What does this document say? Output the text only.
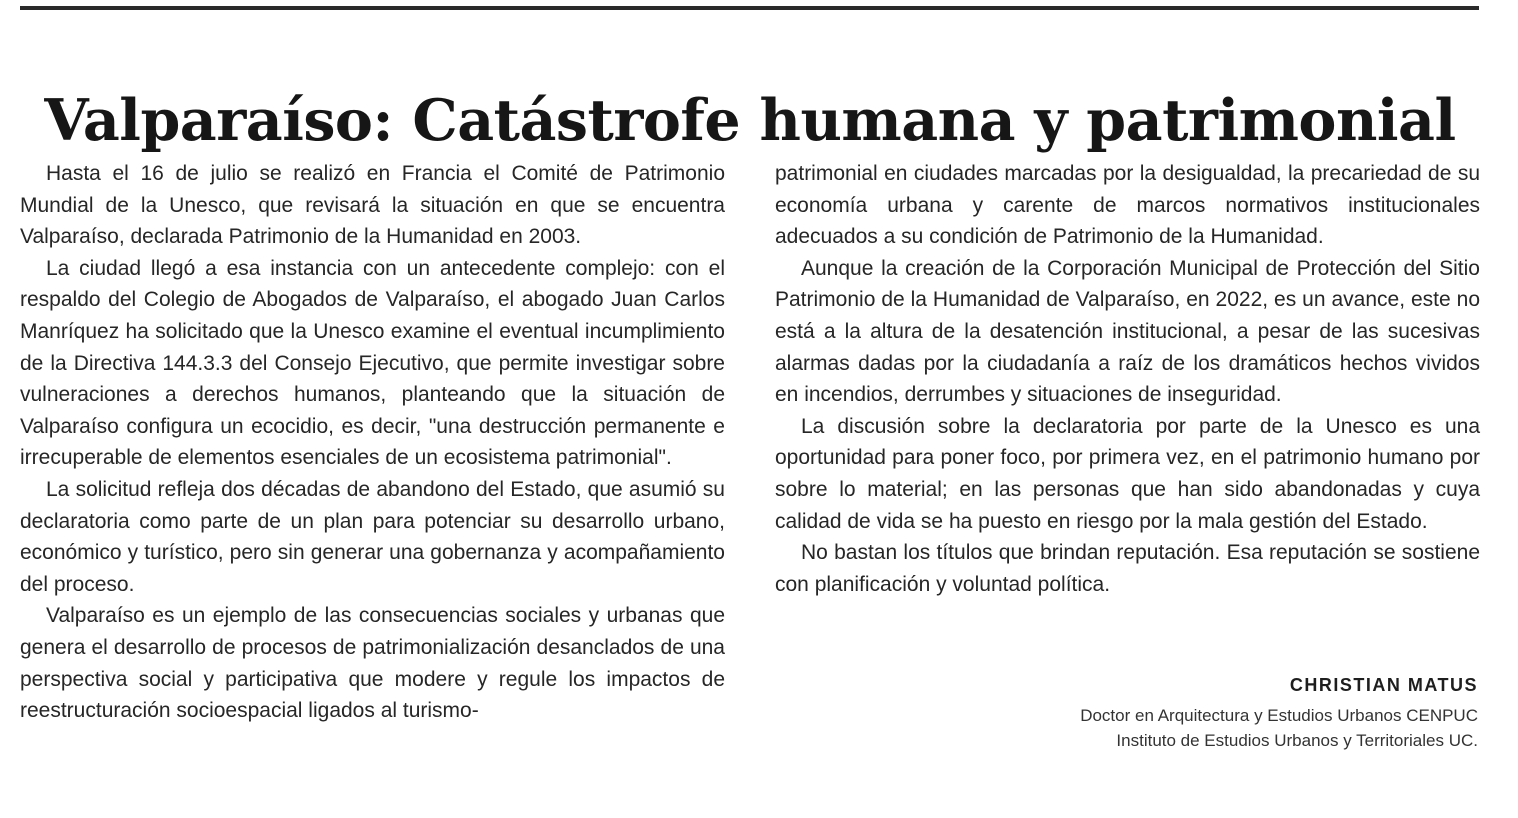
Valparaíso: Catástrofe humana y patrimonial

Hasta el 16 de julio se realizó en Francia el Comité de Patrimonio Mundial de la Unesco, que revisará la situación en que se encuentra Valparaíso, declarada Patrimonio de la Humanidad en 2003.

La ciudad llegó a esa instancia con un antecedente complejo: con el respaldo del Colegio de Abogados de Valparaíso, el abogado Juan Carlos Manríquez ha solicitado que la Unesco examine el eventual incumplimiento de la Directiva 144.3.3 del Consejo Ejecutivo, que permite investigar sobre vulneraciones a derechos humanos, planteando que la situación de Valparaíso configura un ecocidio, es decir, "una destrucción permanente e irrecuperable de elementos esenciales de un ecosistema patrimonial".

La solicitud refleja dos décadas de abandono del Estado, que asumió su declaratoria como parte de un plan para potenciar su desarrollo urbano, económico y turístico, pero sin generar una gobernanza y acompañamiento del proceso.

Valparaíso es un ejemplo de las consecuencias sociales y urbanas que genera el desarrollo de procesos de patrimonialización desanclados de una perspectiva social y participativa que modere y regule los impactos de reestructuración socioespacial ligados al turismo-

patrimonial en ciudades marcadas por la desigualdad, la precariedad de su economía urbana y carente de marcos normativos institucionales adecuados a su condición de Patrimonio de la Humanidad.

Aunque la creación de la Corporación Municipal de Protección del Sitio Patrimonio de la Humanidad de Valparaíso, en 2022, es un avance, este no está a la altura de la desatención institucional, a pesar de las sucesivas alarmas dadas por la ciudadanía a raíz de los dramáticos hechos vividos en incendios, derrumbes y situaciones de inseguridad.

La discusión sobre la declaratoria por parte de la Unesco es una oportunidad para poner foco, por primera vez, en el patrimonio humano por sobre lo material; en las personas que han sido abandonadas y cuya calidad de vida se ha puesto en riesgo por la mala gestión del Estado.

No bastan los títulos que brindan reputación. Esa reputación se sostiene con planificación y voluntad política.

CHRISTIAN MATUS
Doctor en Arquitectura y Estudios Urbanos CENPUC
Instituto de Estudios Urbanos y Territoriales UC.
